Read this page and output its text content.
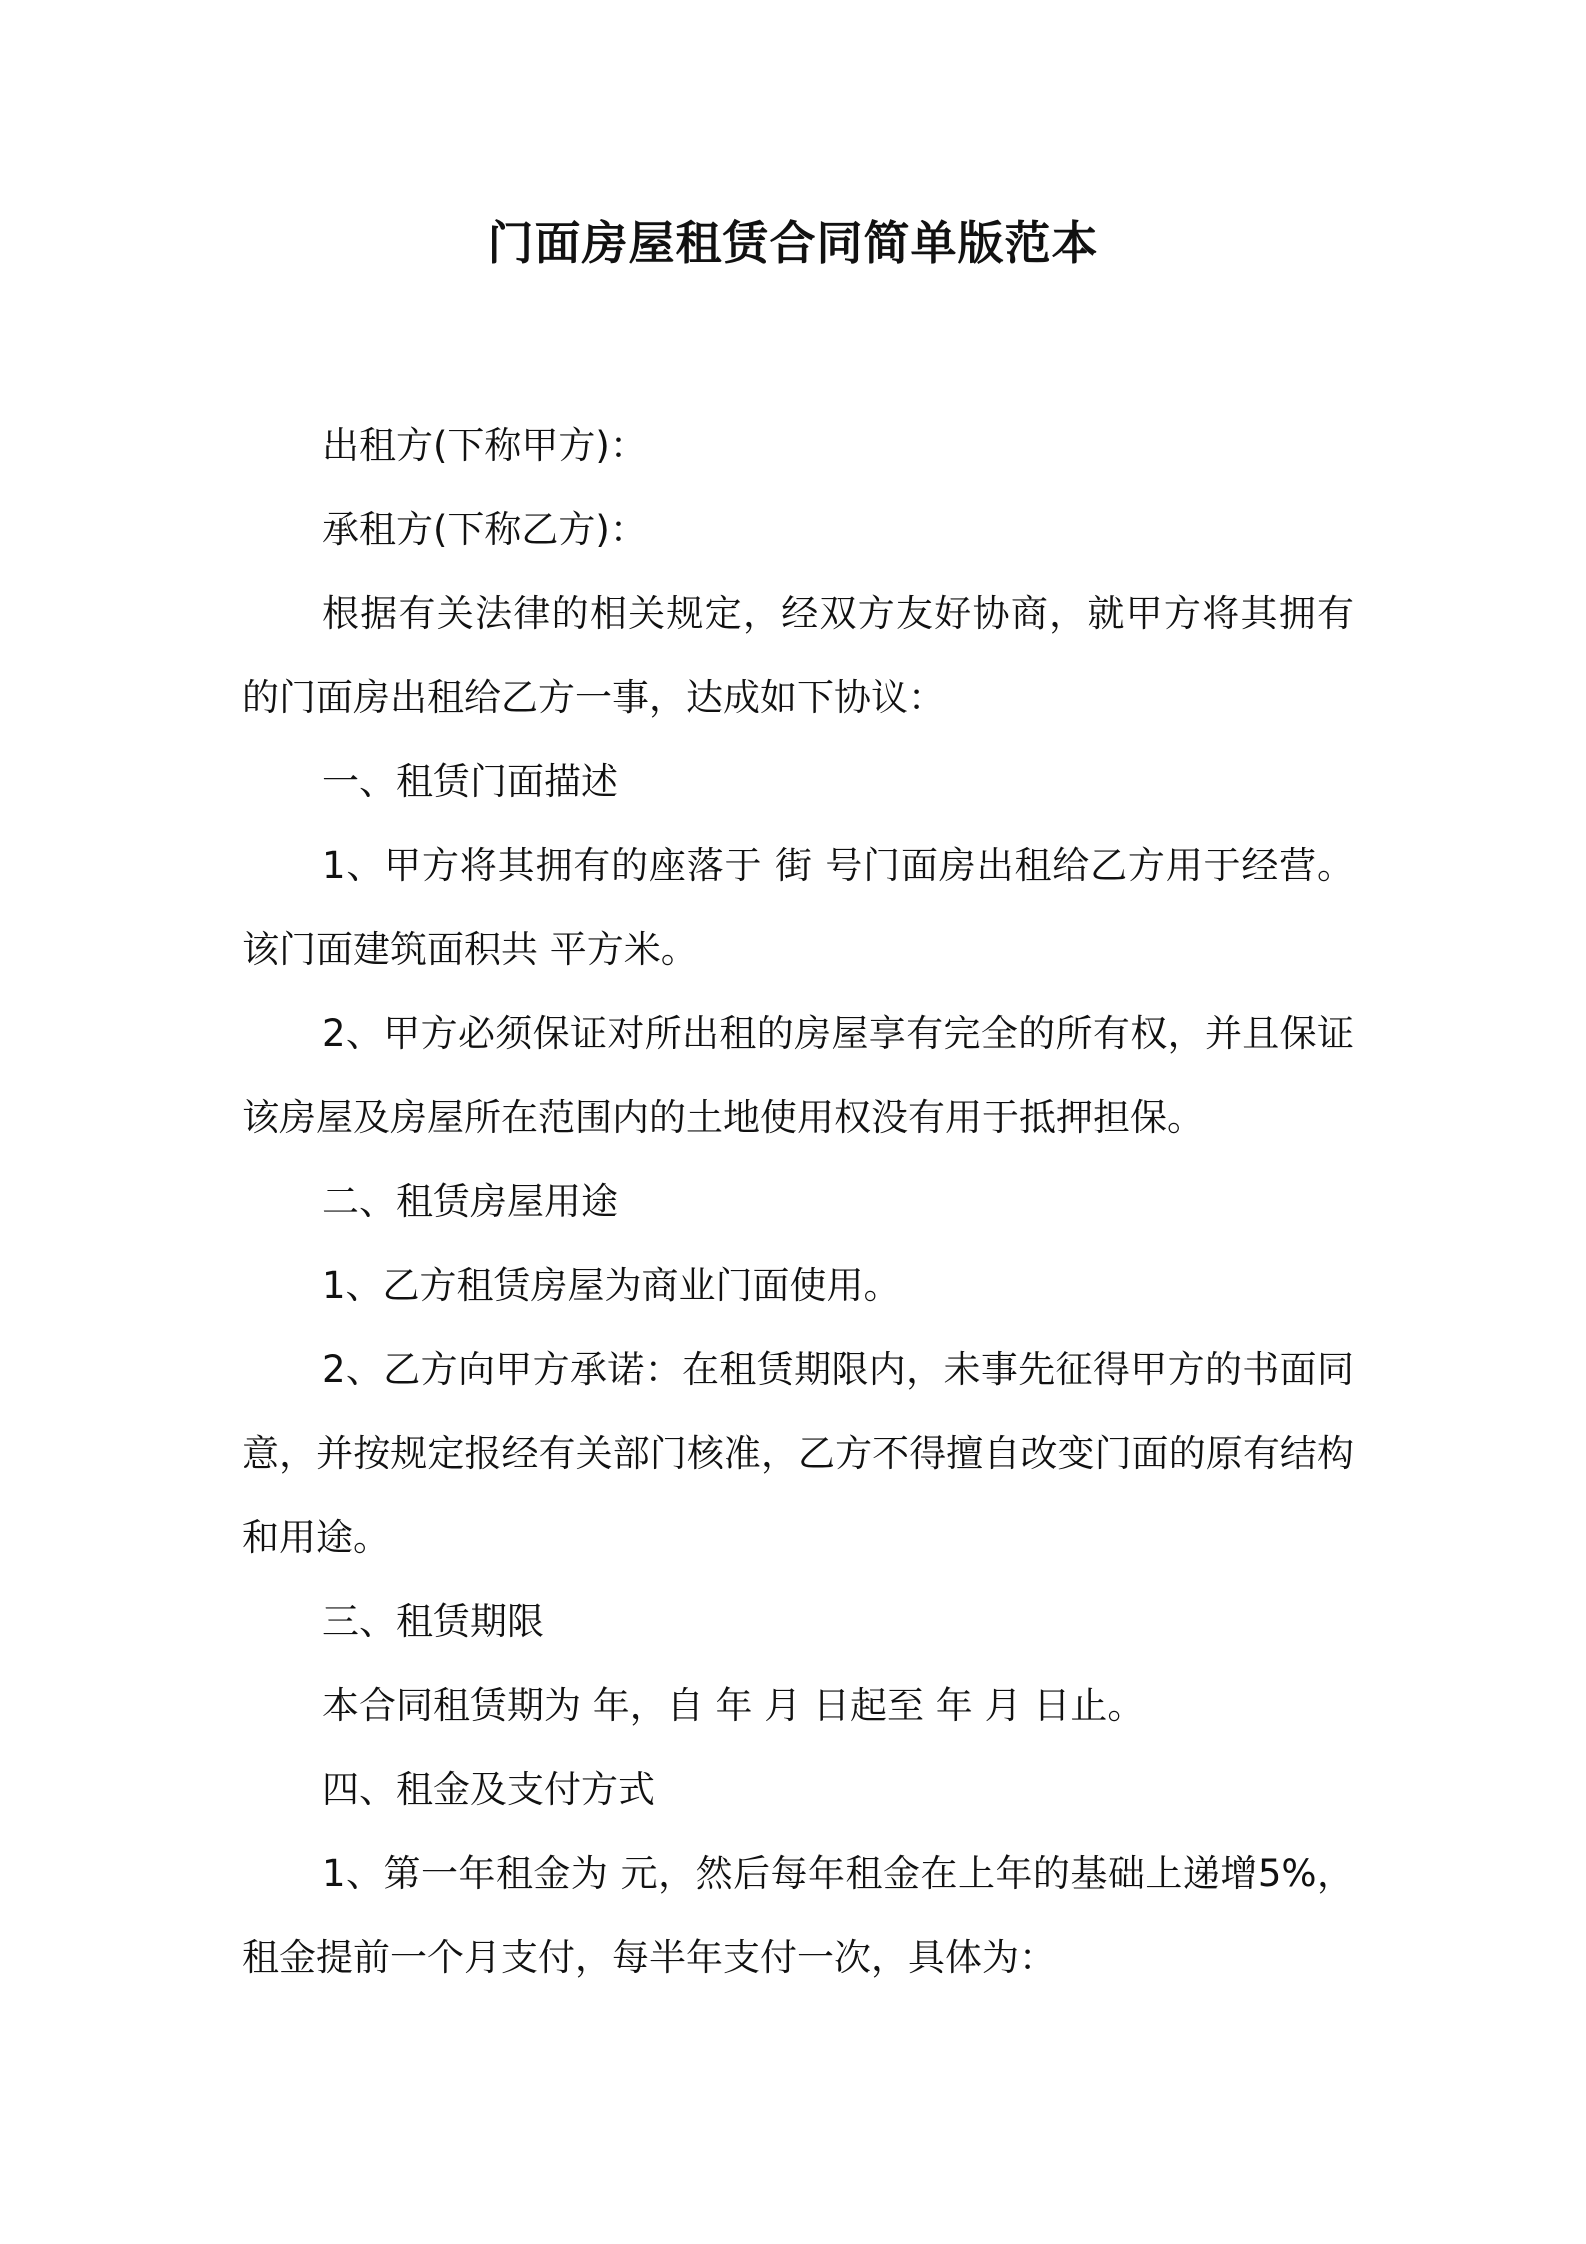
门面房屋租赁合同简单版范本

出租方(下称甲方)：

承租方(下称乙方)：

根据有关法律的相关规定，经双方友好协商，就甲方将其拥有的门面房出租给乙方一事，达成如下协议：

一、租赁门面描述

1、甲方将其拥有的座落于 街 号门面房出租给乙方用于经营。该门面建筑面积共 平方米。

2、甲方必须保证对所出租的房屋享有完全的所有权，并且保证该房屋及房屋所在范围内的土地使用权没有用于抵押担保。

二、租赁房屋用途

1、乙方租赁房屋为商业门面使用。

2、乙方向甲方承诺：在租赁期限内，未事先征得甲方的书面同意，并按规定报经有关部门核准，乙方不得擅自改变门面的原有结构和用途。

三、租赁期限

本合同租赁期为 年，自 年 月 日起至 年 月 日止。

四、租金及支付方式

1、第一年租金为 元，然后每年租金在上年的基础上递增5%，租金提前一个月支付，每半年支付一次，具体为：
